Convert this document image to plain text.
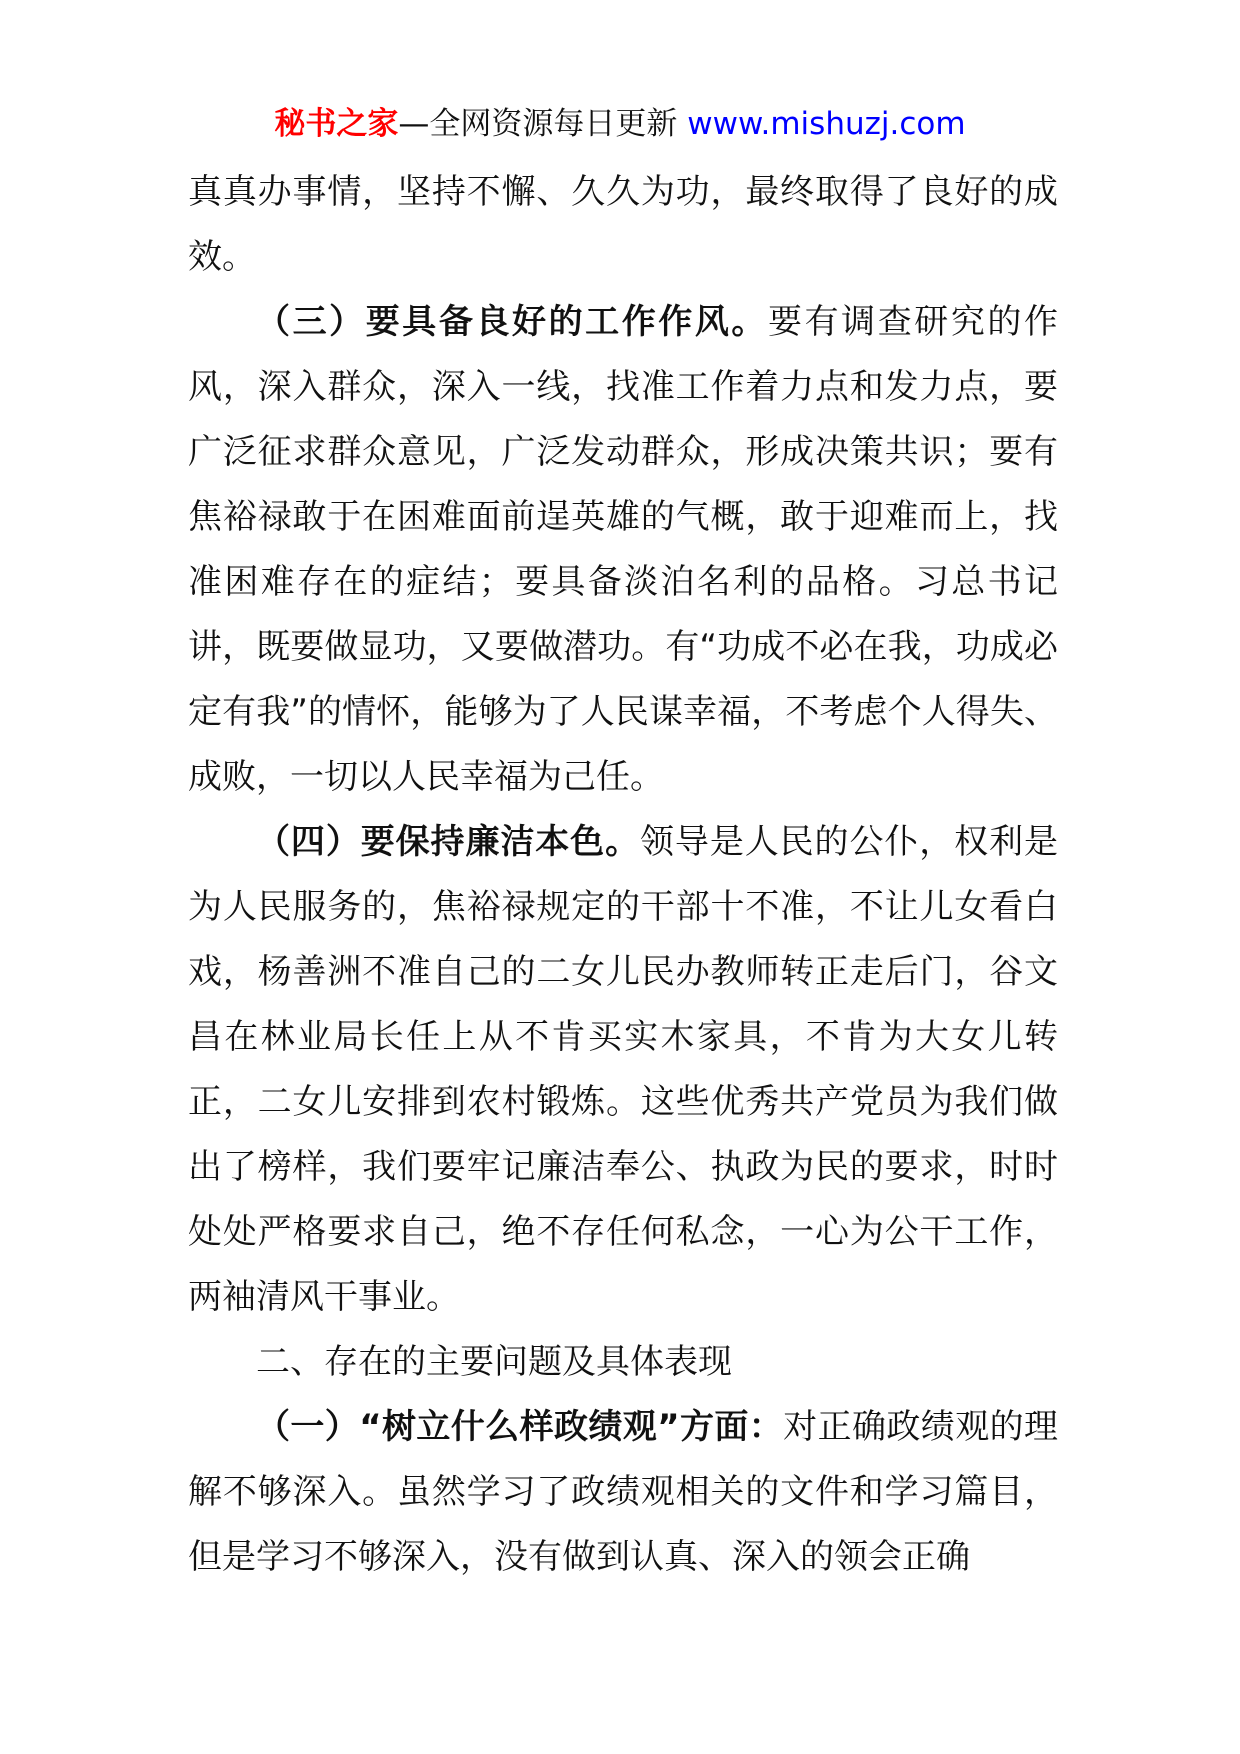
秘书之家—全网资源每日更新 www.mishuzj.com

真真办事情，坚持不懈、久久为功，最终取得了良好的成效。

（三）要具备良好的工作作风。要有调查研究的作风，深入群众，深入一线，找准工作着力点和发力点，要广泛征求群众意见，广泛发动群众，形成决策共识；要有焦裕禄敢于在困难面前逞英雄的气概，敢于迎难而上，找准困难存在的症结；要具备淡泊名利的品格。习总书记讲，既要做显功，又要做潜功。有“功成不必在我，功成必定有我”的情怀，能够为了人民谋幸福，不考虑个人得失、成败，一切以人民幸福为己任。

（四）要保持廉洁本色。领导是人民的公仆，权利是为人民服务的，焦裕禄规定的干部十不准，不让儿女看白戏，杨善洲不准自己的二女儿民办教师转正走后门，谷文昌在林业局长任上从不肯买实木家具，不肯为大女儿转正，二女儿安排到农村锻炼。这些优秀共产党员为我们做出了榜样，我们要牢记廉洁奉公、执政为民的要求，时时处处严格要求自己，绝不存任何私念，一心为公干工作，两袖清风干事业。

二、存在的主要问题及具体表现

（一）“树立什么样政绩观”方面：对正确政绩观的理解不够深入。虽然学习了政绩观相关的文件和学习篇目，但是学习不够深入，没有做到认真、深入的领会正确
